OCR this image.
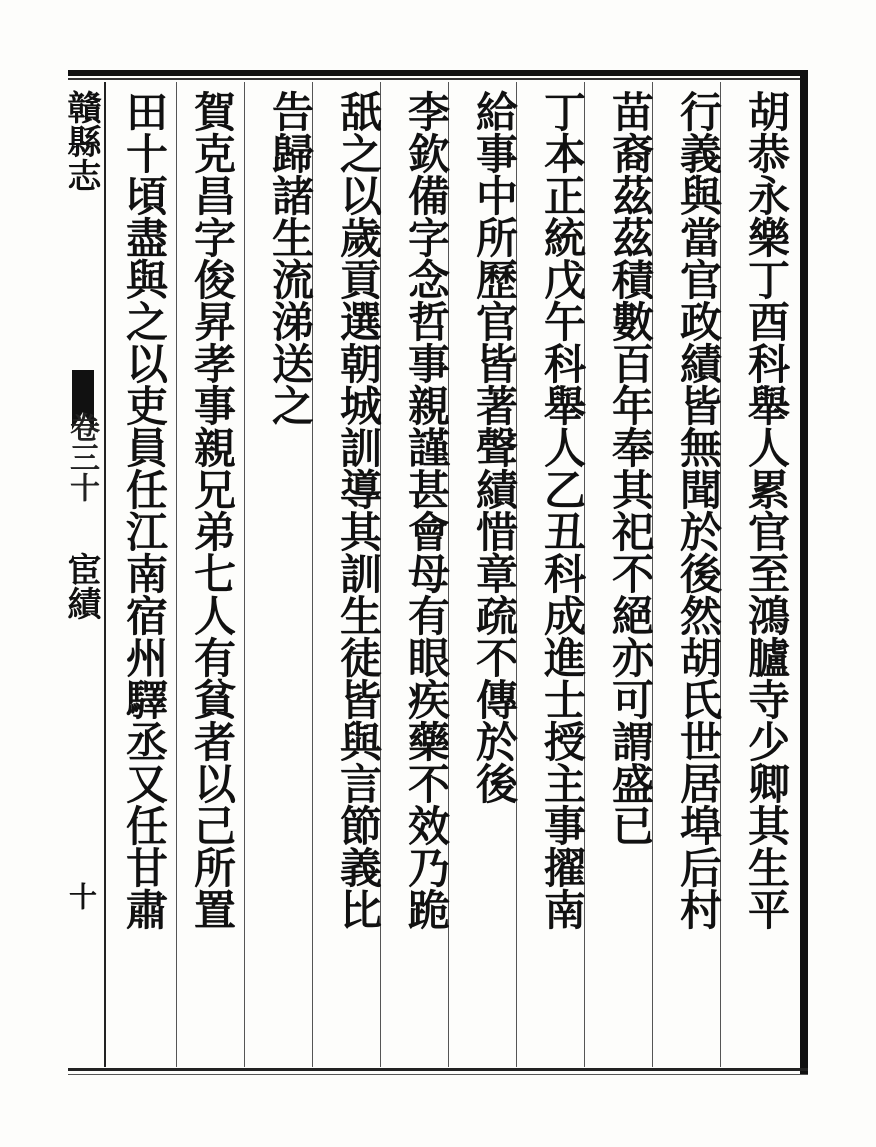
胡恭永樂丁酉科舉人累官至鴻臚寺少卿其生平
行義與當官政績皆無聞於後然胡氏世居埠后村
苗裔茲茲積數百年奉其祀不絕亦可謂盛已
丁本正統戊午科舉人乙丑科成進士授主事擢南
給事中所歷官皆著聲績惜章疏不傳於後
李欽備字念哲事親謹甚會母有眼疾藥不效乃跪
舐之以歲貢選朝城訓導其訓生徒皆與言節義比
告歸諸生流涕送之
賀克昌字俊昇孝事親兄弟七人有貧者以己所置
田十頃盡與之以吏員任江南宿州驛丞又任甘肅
贛縣志
卷三十
宦績
十
